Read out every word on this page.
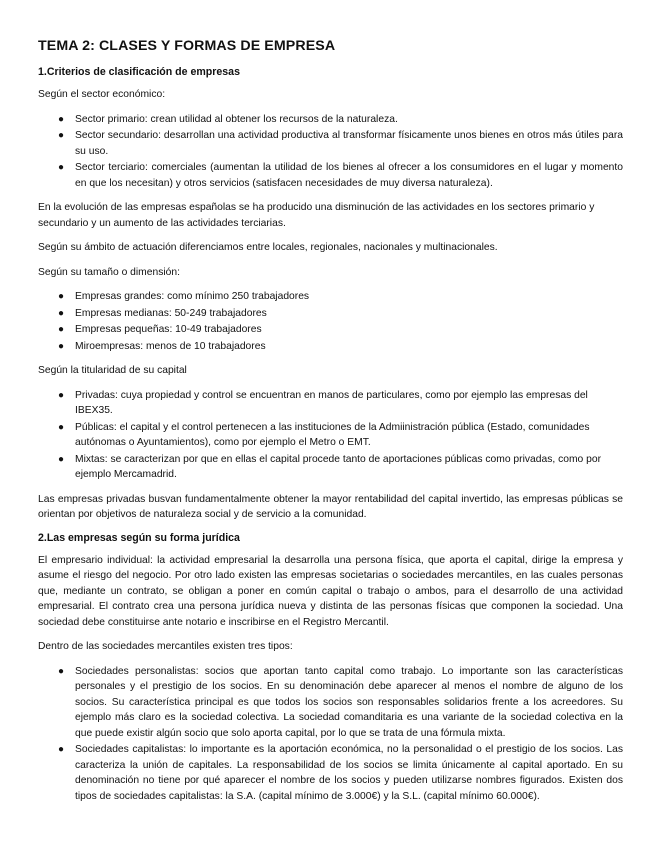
TEMA 2: CLASES Y FORMAS DE EMPRESA
1.Criterios de clasificación de empresas

Según el sector económico:

● Sector primario: crean utilidad al obtener los recursos de la naturaleza.
● Sector secundario: desarrollan una actividad productiva al transformar físicamente unos bienes en otros más útiles para su uso.
● Sector terciario: comerciales (aumentan la utilidad de los bienes al ofrecer a los consumidores en el lugar y momento en que los necesitan) y otros servicios (satisfacen necesidades de muy diversa naturaleza).

En la evolución de las empresas españolas se ha producido una disminución de las actividades en los sectores primario y secundario y un aumento de las actividades terciarias.

Según su ámbito de actuación diferenciamos entre locales, regionales, nacionales y multinacionales.

Según su tamaño o dimensión:

● Empresas grandes: como mínimo 250 trabajadores
● Empresas medianas: 50-249 trabajadores
● Empresas pequeñas: 10-49 trabajadores
● Miroempresas: menos de 10 trabajadores

Según la titularidad de su capital

● Privadas: cuya propiedad y control se encuentran en manos de particulares, como por ejemplo las empresas del IBEX35.
● Públicas: el capital y el control pertenecen a las instituciones de la Admiinistración pública (Estado, comunidades autónomas o Ayuntamientos), como por ejemplo el Metro o EMT.
● Mixtas: se caracterizan por que en ellas el capital procede tanto de aportaciones públicas como privadas, como por ejemplo Mercamadrid.

Las empresas privadas busvan fundamentalmente obtener la mayor rentabilidad del capital invertido, las empresas públicas se orientan por objetivos de naturaleza social y de servicio a la comunidad.

2.Las empresas según su forma jurídica

El empresario individual: la actividad empresarial la desarrolla una persona física, que aporta el capital, dirige la empresa y asume el riesgo del negocio. Por otro lado existen las empresas societarias o sociedades mercantiles, en las cuales personas que, mediante un contrato, se obligan a poner en común capital o trabajo o ambos, para el desarrollo de una actividad empresarial. El contrato crea una persona jurídica nueva y distinta de las personas físicas que componen la sociedad. Una sociedad debe constituirse ante notario e inscribirse en el Registro Mercantil.

Dentro de las sociedades mercantiles existen tres tipos:

● Sociedades personalistas: socios que aportan tanto capital como trabajo. Lo importante son las características personales y el prestigio de los socios. En su denominación debe aparecer al menos el nombre de alguno de los socios. Su característica principal es que todos los socios son responsables solidarios frente a los acreedores. Su ejemplo más claro es la sociedad colectiva. La sociedad comanditaria es una variante de la sociedad colectiva en la que puede existir algún socio que solo aporta capital, por lo que se trata de una fórmula mixta.
● Sociedades capitalistas: lo importante es la aportación económica, no la personalidad o el prestigio de los socios. Las caracteriza la unión de capitales. La responsabilidad de los socios se limita únicamente al capital aportado. En su denominación no tiene por qué aparecer el nombre de los socios y pueden utilizarse nombres figurados. Existen dos tipos de sociedades capitalistas: la S.A. (capital mínimo de 3.000€) y la S.L. (capital mínimo 60.000€).
